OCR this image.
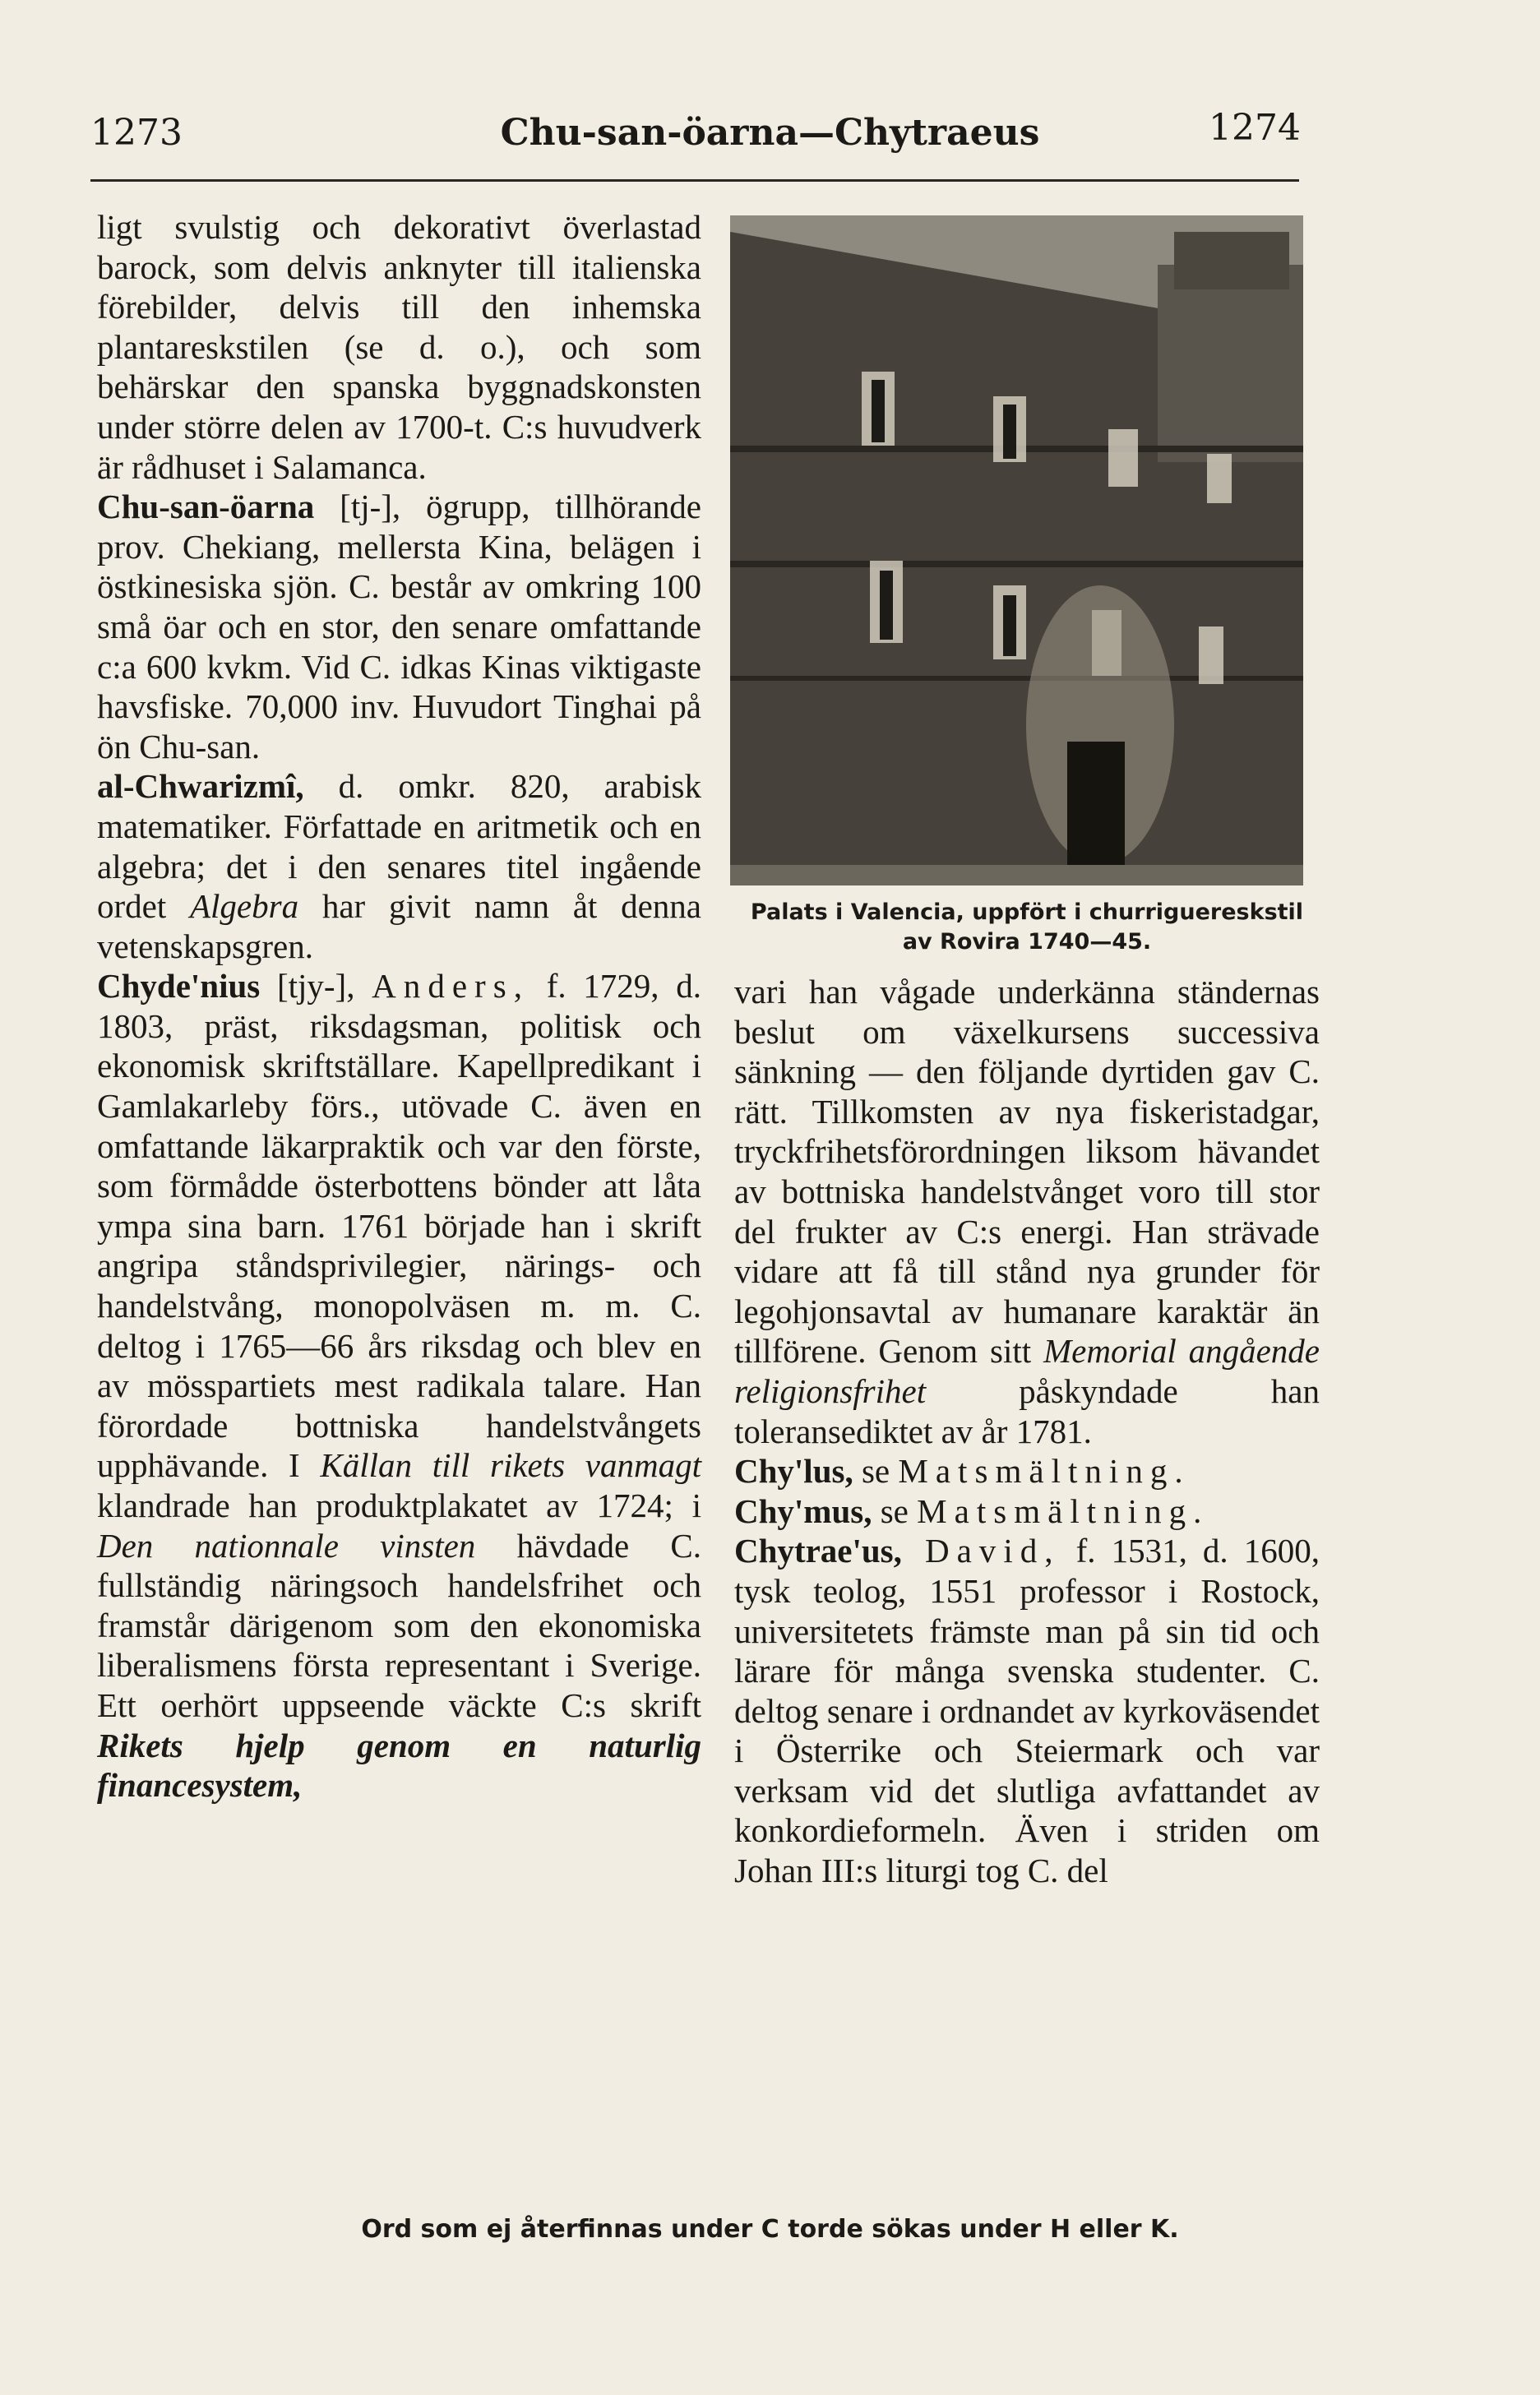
1273	Chu-san-öarna—Chytraeus	1274

ligt svulstig och dekorativt överlastad barock, som delvis anknyter till italienska förebilder, delvis till den inhemska plantareskstilen (se d. o.), och som behärskar den spanska byggnadskonsten under större delen av 1700-t. C:s huvudverk är rådhuset i Salamanca.

Chu-san-öarna [tj-], ögrupp, tillhörande prov. Chekiang, mellersta Kina, belägen i östkinesiska sjön. C. består av omkring 100 små öar och en stor, den senare omfattande c:a 600 kvkm. Vid C. idkas Kinas viktigaste havsfiske. 70,000 inv. Huvudort Tinghai på ön Chu-san.

al-Chwarizmî, d. omkr. 820, arabisk matematiker. Författade en aritmetik och en algebra; det i den senares titel ingående ordet Algebra har givit namn åt denna vetenskapsgren.

Chyde'nius [tjy-], Anders, f. 1729, d. 1803, präst, riksdagsman, politisk och ekonomisk skriftställare. Kapellpredikant i Gamlakarleby förs., utövade C. även en omfattande läkarpraktik och var den förste, som förmådde österbottens bönder att låta ympa sina barn. 1761 började han i skrift angripa ståndsprivilegier, närings- och handelstvång, monopolväsen m. m. C. deltog i 1765—66 års riksdag och blev en av mösspartiets mest radikala talare. Han förordade bottniska handelstvångets upphävande. I Källan till rikets vanmagt klandrade han produktplakatet av 1724; i Den nationnale vinsten hävdade C. fullständig näringsoch handelsfrihet och framstår därigenom som den ekonomiska liberalismens första representant i Sverige. Ett oerhört uppseende väckte C:s skrift Rikets hjelp genom en naturlig financesystem,

Palats i Valencia, uppfört i churriguereskstil av Rovira 1740—45.

vari han vågade underkänna ständernas beslut om växelkursens successiva sänkning — den följande dyrtiden gav C. rätt. Tillkomsten av nya fiskeristadgar, tryckfrihetsförordningen liksom hävandet av bottniska handelstvånget voro till stor del frukter av C:s energi. Han strävade vidare att få till stånd nya grunder för legohjonsavtal av humanare karaktär än tillförene. Genom sitt Memorial angående religionsfrihet påskyndade han toleransediktet av år 1781.

Chy'lus, se Matsmältning.

Chy'mus, se Matsmältning.

Chytrae'us, David, f. 1531, d. 1600, tysk teolog, 1551 professor i Rostock, universitetets främste man på sin tid och lärare för många svenska studenter. C. deltog senare i ordnandet av kyrkoväsendet i Österrike och Steiermark och var verksam vid det slutliga avfattandet av konkordieformeln. Även i striden om Johan III:s liturgi tog C. del

Ord som ej återfinnas under C torde sökas under H eller K.
